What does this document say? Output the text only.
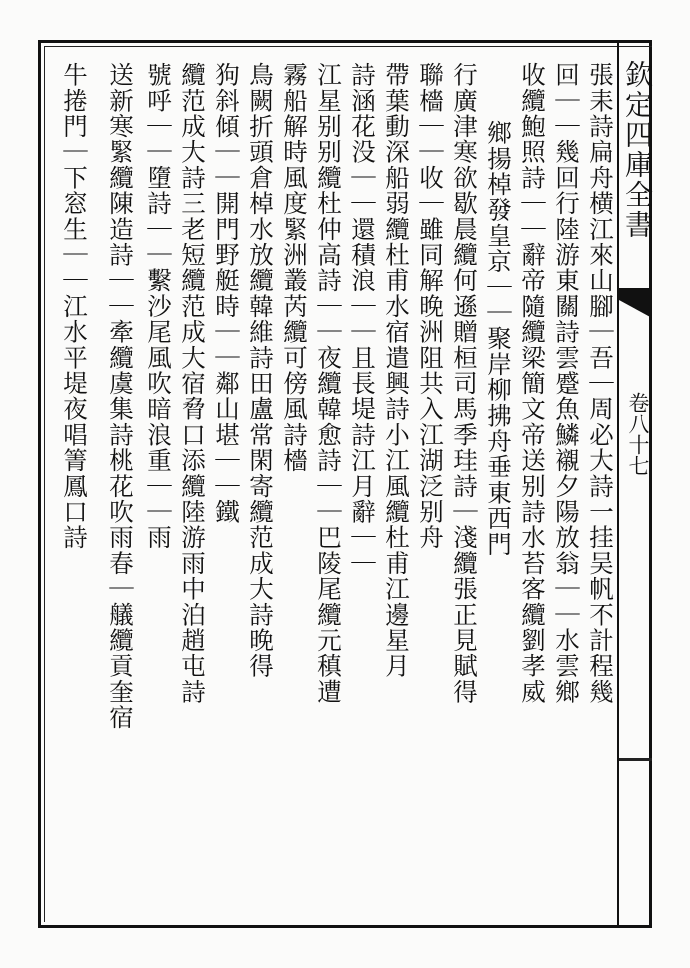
欽定四庫全書
卷八十七
張耒詩扁舟横江來山腳｜吾｜周必大詩一挂吴帆不計程幾
回｜｜幾回行陸游東關詩雲蹙魚鱗襯夕陽放翁｜｜水雲鄉
收纜鮑照詩｜｜辭帝隨纜梁簡文帝送别詩水苔客纜劉孝威
鄉揚棹發皇京｜｜聚岸柳拂舟垂東西門
行廣津寒欲歇晨纜何遜贈桓司馬季珪詩｜淺纜張正見賦得
聯檣｜｜收｜雖同解晚洲阻共入江湖泛别舟
帶葉動深船弱纜杜甫水宿遣興詩小江風纜杜甫江邊星月
詩涵花没｜｜還積浪｜｜且長堤詩江月辭｜｜
江星别别纜杜仲高詩｜｜夜纜韓愈詩｜｜巴陵尾纜元稹遭
霧船解時風度緊洲叢芮纜可傍風詩檣
鳥闕折頭倉棹水放纜韓維詩田盧常閑寄纜范成大詩晚得
狗斜傾｜｜開門野艇時｜｜鄰山堪｜｜鐵
纜范成大詩三老短纜范成大宿脅口添纜陸游雨中泊趙屯詩
號呼｜｜墮詩｜｜繫沙尾風吹暗浪重｜｜雨
送新寒緊纜陳造詩｜｜牽纜虞集詩桃花吹雨春｜艤纜貢奎宿
牛捲門｜下窓生｜｜江水平堤夜唱箐鳳口詩
